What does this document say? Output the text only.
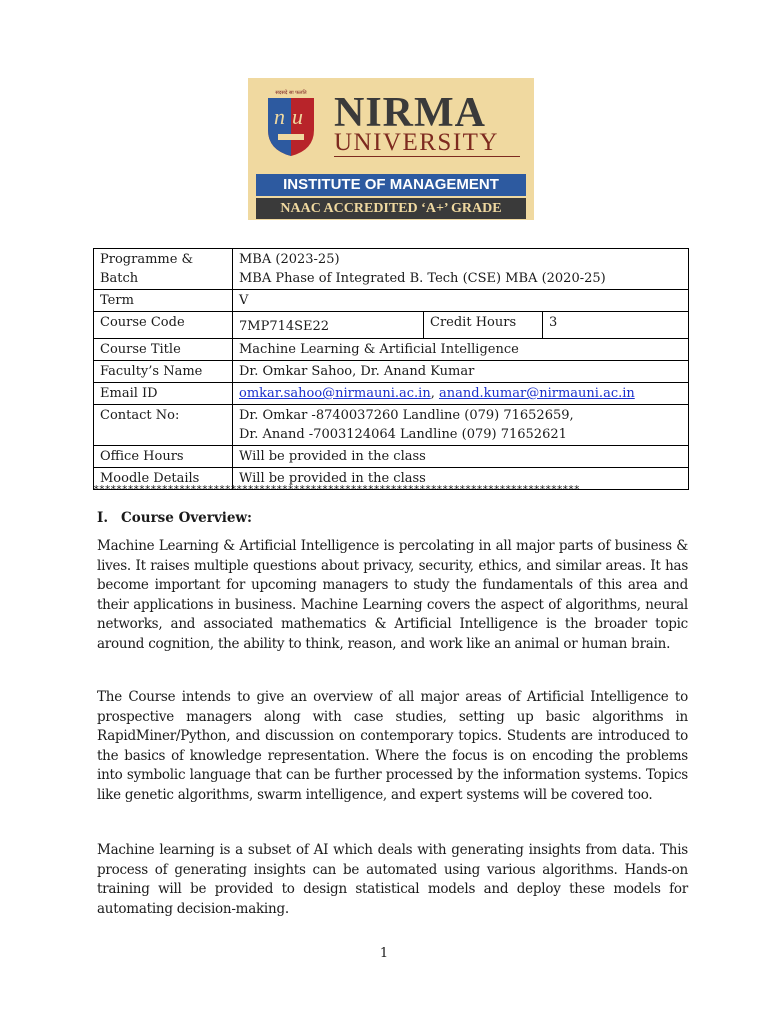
सदसदे सा फलति
n u NIRMA
UNIVERSITY
INSTITUTE OF MANAGEMENT
NAAC ACCREDITED ‘A+’ GRADE
Programme & Batch	MBA (2023-25)
MBA Phase of Integrated B. Tech (CSE) MBA (2020-25)		

Term	V		
Course Code	7MP714SE22	Credit Hours	3
Course Title	Machine Learning & Artificial Intelligence		
Faculty’s Name	Dr. Omkar Sahoo, Dr. Anand Kumar		
Email ID	omkar.sahoo@nirmauni.ac.in, anand.kumar@nirmauni.ac.in		
Contact No:	Dr. Omkar -8740037260 Landline (079) 71652659,
Dr. Anand -7003124064 Landline (079) 71652621		

Office Hours	Will be provided in the class		
Moodle Details	Will be provided in the class		
*************************************************************************************
I. Course Overview:

Machine Learning & Artificial Intelligence is percolating in all major parts of business & lives. It raises multiple questions about privacy, security, ethics, and similar areas. It has become important for upcoming managers to study the fundamentals of this area and their applications in business. Machine Learning covers the aspect of algorithms, neural networks, and associated mathematics & Artificial Intelligence is the broader topic around cognition, the ability to think, reason, and work like an animal or human brain.

The Course intends to give an overview of all major areas of Artificial Intelligence to prospective managers along with case studies, setting up basic algorithms in RapidMiner/Python, and discussion on contemporary topics. Students are introduced to the basics of knowledge representation. Where the focus is on encoding the problems into symbolic language that can be further processed by the information systems. Topics like genetic algorithms, swarm intelligence, and expert systems will be covered too.

Machine learning is a subset of AI which deals with generating insights from data. This process of generating insights can be automated using various algorithms. Hands-on training will be provided to design statistical models and deploy these models for automating decision-making.

1
